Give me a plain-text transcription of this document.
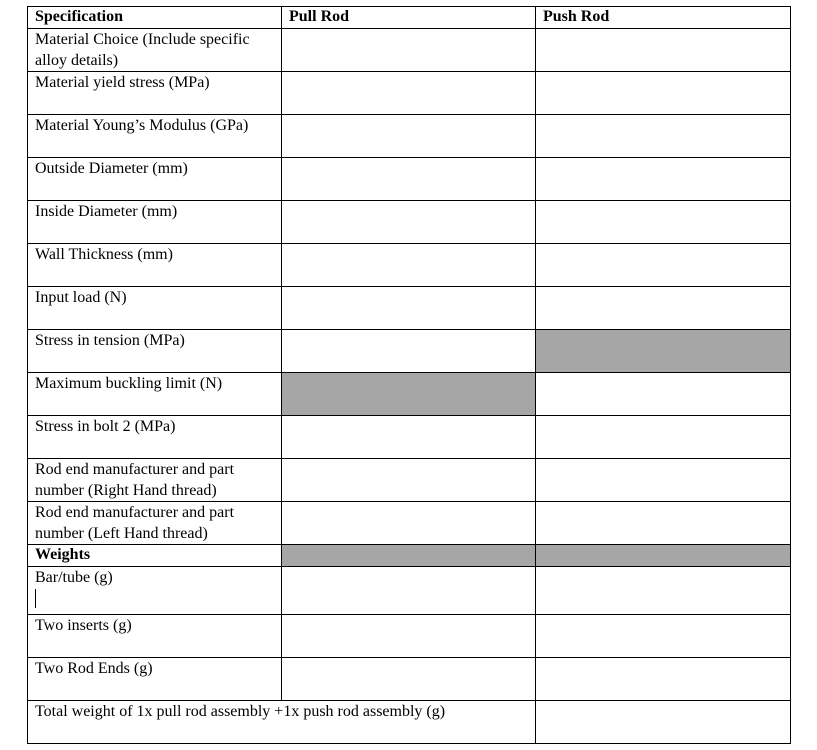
Specification	Pull Rod	Push Rod
Material Choice (Include specific alloy details)		
Material yield stress (MPa)		
Material Young’s Modulus (GPa)		
Outside Diameter (mm)		
Inside Diameter (mm)		
Wall Thickness (mm)		
Input load (N)		
Stress in tension (MPa)		
Maximum buckling limit (N)		
Stress in bolt 2 (MPa)		
Rod end manufacturer and part number (Right Hand thread)		
Rod end manufacturer and part number (Left Hand thread)		
Weights		

Bar/tube (g)		

Two inserts (g)		
Two Rod Ends (g)		
Total weight of 1x pull rod assembly +1x push rod assembly (g)		
